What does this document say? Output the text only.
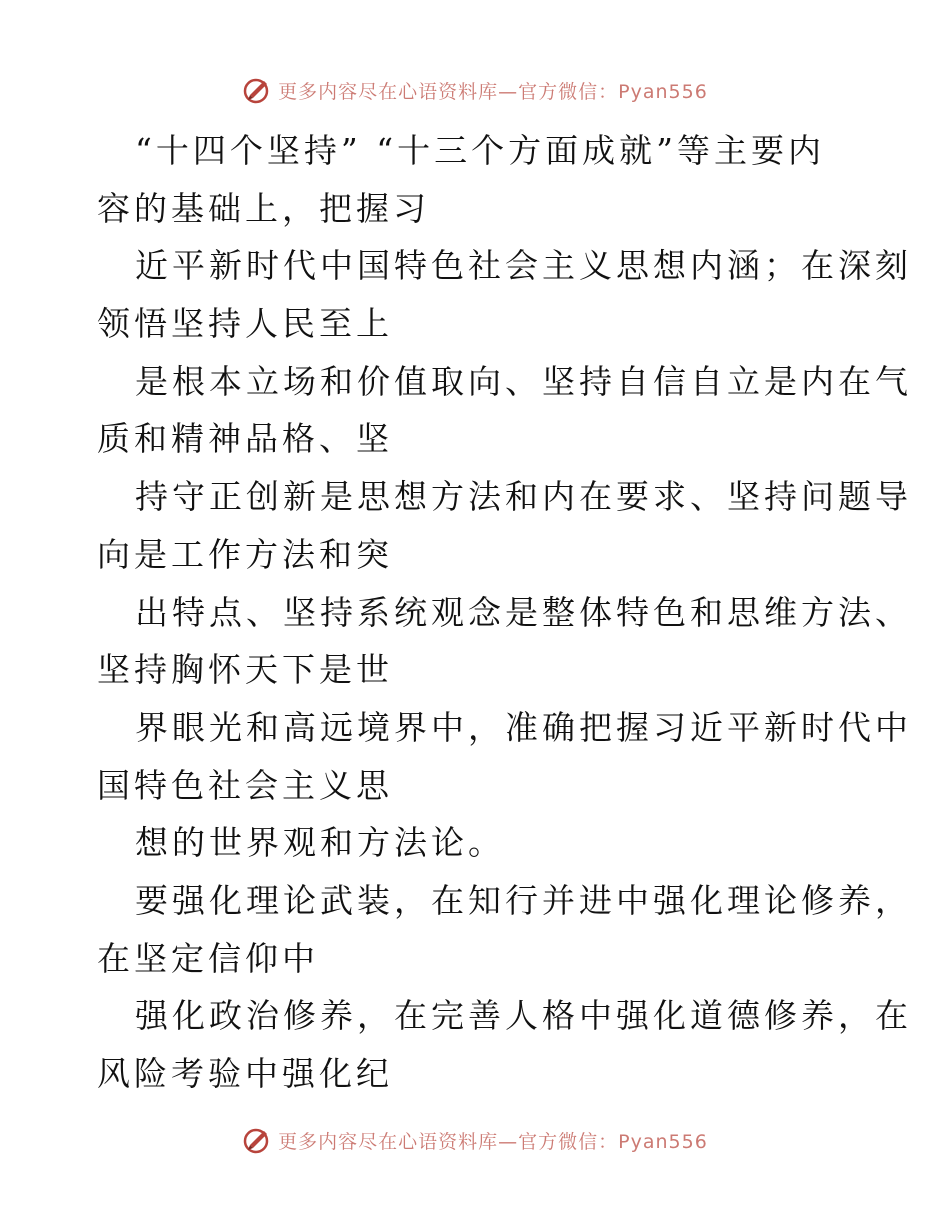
更多内容尽在心语资料库—官方微信：Pyan556
“十四个坚持” “十三个方面成就”等主要内
容的基础上，把握习
近平新时代中国特色社会主义思想内涵；在深刻
领悟坚持人民至上
是根本立场和价值取向、坚持自信自立是内在气
质和精神品格、坚
持守正创新是思想方法和内在要求、坚持问题导
向是工作方法和突
出特点、坚持系统观念是整体特色和思维方法、
坚持胸怀天下是世
界眼光和高远境界中，准确把握习近平新时代中
国特色社会主义思
想的世界观和方法论。
要强化理论武装，在知行并进中强化理论修养，
在坚定信仰中
强化政治修养，在完善人格中强化道德修养，在
风险考验中强化纪
更多内容尽在心语资料库—官方微信：Pyan556
